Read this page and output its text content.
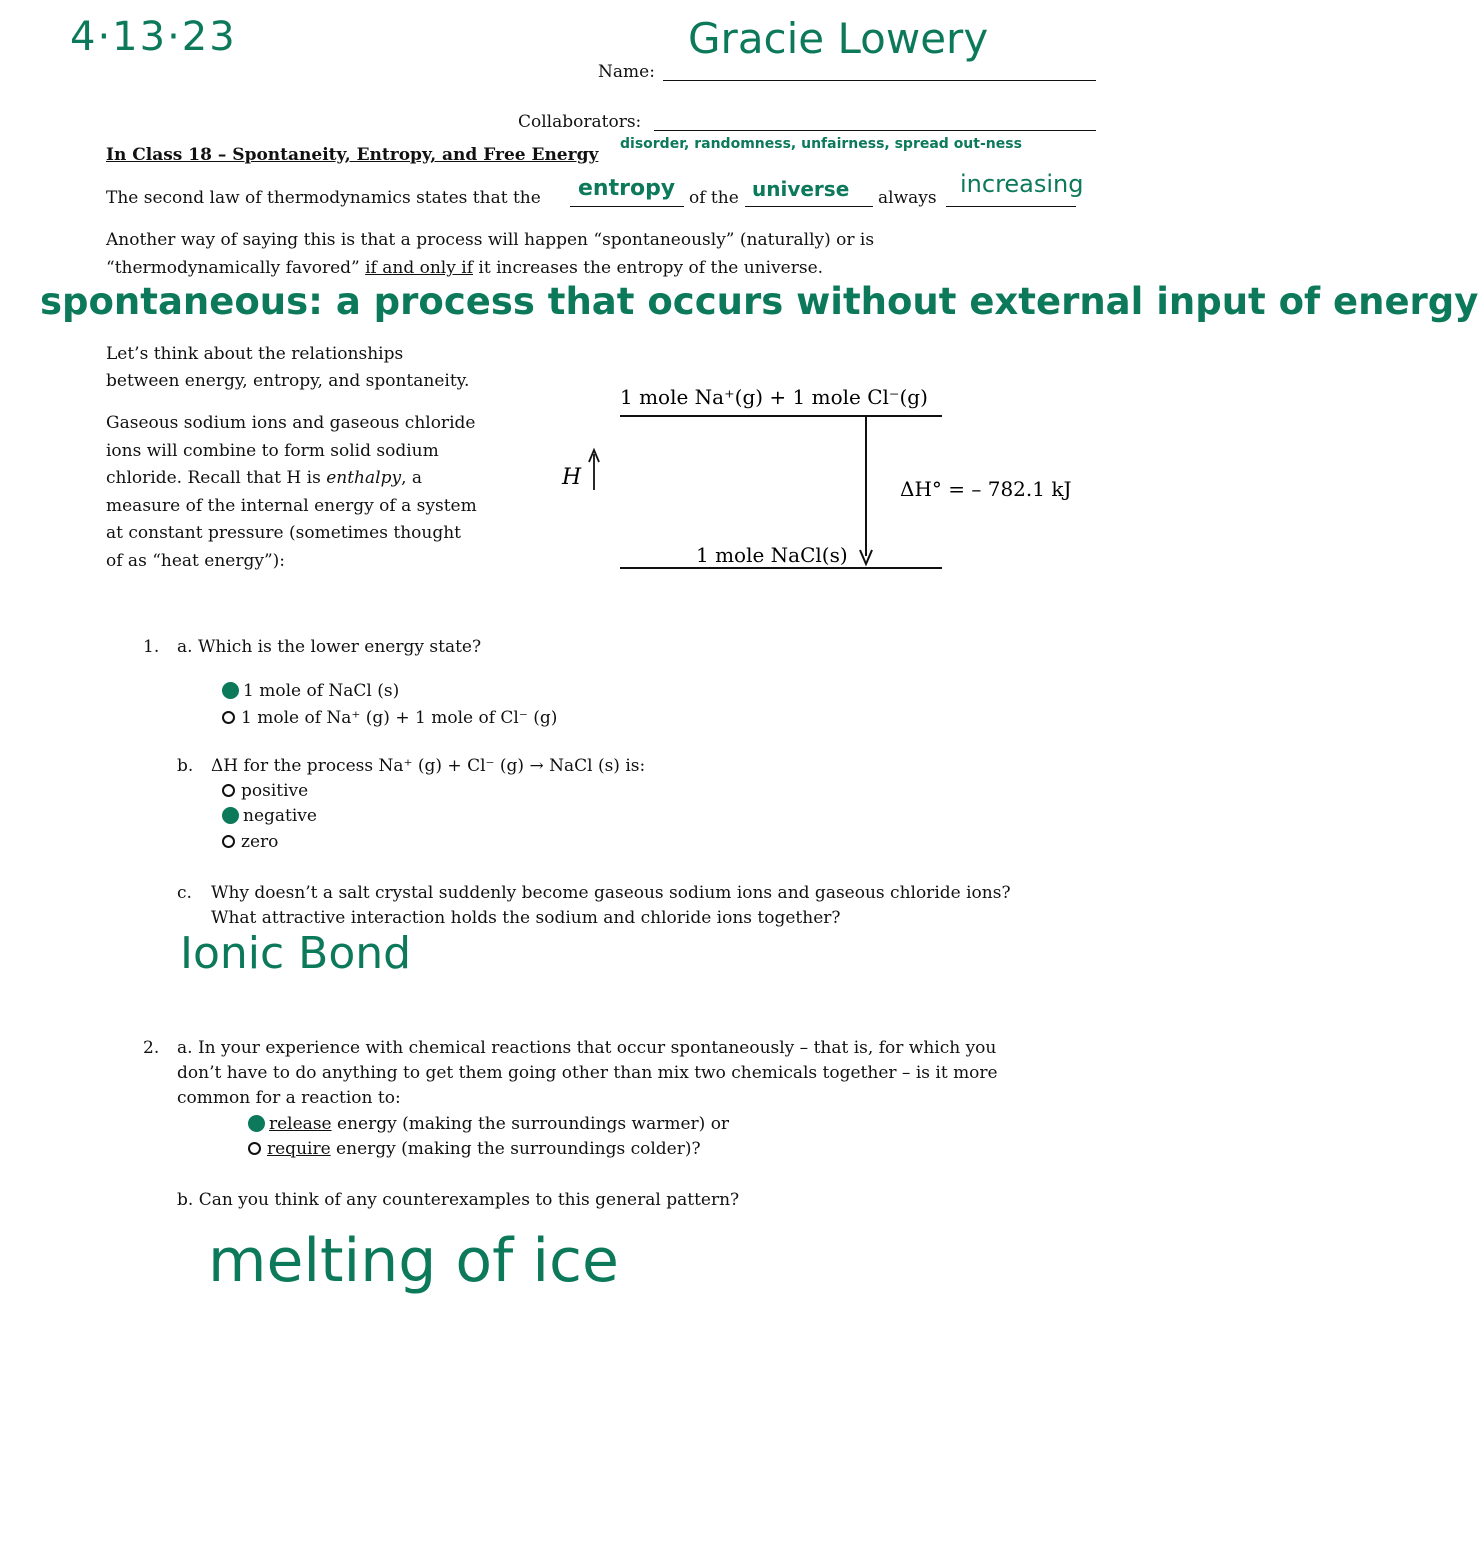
4·13·23	Gracie Lowery
Name:
Collaborators:
In Class 18 – Spontaneity, Entropy, and Free Energy
disorder, randomness, unfairness, spread out-ness
The second law of thermodynamics states that the entropy of the universe always increasing
Another way of saying this is that a process will happen “spontaneously” (naturally) or is
“thermodynamically favored” if and only if it increases the entropy of the universe.
spontaneous: a process that occurs without external input of energy
Let’s think about the relationships
between energy, entropy, and spontaneity.
Gaseous sodium ions and gaseous chloride
ions will combine to form solid sodium
chloride. Recall that H is enthalpy, a
measure of the internal energy of a system
at constant pressure (sometimes thought
of as “heat energy”):
1 mole Na⁺(g) + 1 mole Cl⁻(g)
1 mole NaCl(s)
H	ΔH° = – 782.1 kJ
1. a. Which is the lower energy state?
1 mole of NaCl (s)
1 mole of Na⁺ (g) + 1 mole of Cl⁻ (g)
b. ΔH for the process Na⁺ (g) + Cl⁻ (g) → NaCl (s) is:
positive
negative
zero
c. Why doesn’t a salt crystal suddenly become gaseous sodium ions and gaseous chloride ions?
What attractive interaction holds the sodium and chloride ions together?
Ionic Bond
2. a. In your experience with chemical reactions that occur spontaneously – that is, for which you
don’t have to do anything to get them going other than mix two chemicals together – is it more
common for a reaction to:
release energy (making the surroundings warmer) or
require energy (making the surroundings colder)?
b. Can you think of any counterexamples to this general pattern?
melting of ice
